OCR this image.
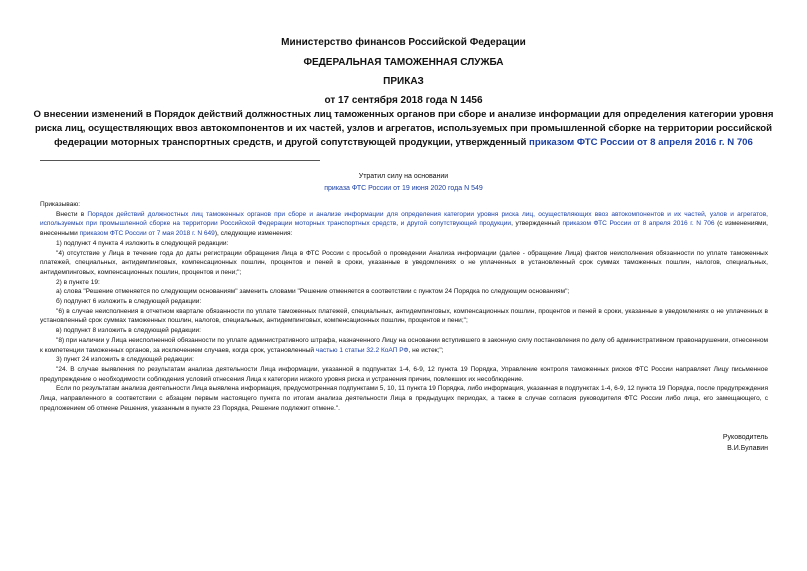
Министерство финансов Российской Федерации

ФЕДЕРАЛЬНАЯ ТАМОЖЕННАЯ СЛУЖБА

ПРИКАЗ

от 17 сентября 2018 года N 1456

О внесении изменений в Порядок действий должностных лиц таможенных органов при сборе и анализе информации для определения категории уровня риска лиц, осуществляющих ввоз автокомпонентов и их частей, узлов и агрегатов, используемых при промышленной сборке на территории российской федерации моторных транспортных средств, и другой сопутствующей продукции, утвержденный приказом ФТС России от 8 апреля 2016 г. N 706

Утратил силу на основании
приказа ФТС России от 19 июня 2020 года N 549

Приказываю:

Внести в Порядок действий должностных лиц таможенных органов при сборе и анализе информации для определения категории уровня риска лиц, осуществляющих ввоз автокомпонентов и их частей, узлов и агрегатов, используемых при промышленной сборке на территории Российской Федерации моторных транспортных средств, и другой сопутствующей продукции, утвержденный приказом ФТС России от 8 апреля 2016 г. N 706 (с изменениями, внесенными приказом ФТС России от 7 мая 2018 г. N 649), следующие изменения:

1) подпункт 4 пункта 4 изложить в следующей редакции:

"4) отсутствие у Лица в течение года до даты регистрации обращения Лица в ФТС России с просьбой о проведении Анализа информации (далее - обращение Лица) фактов неисполнения обязанности по уплате таможенных платежей, специальных, антидемпинговых, компенсационных пошлин, процентов и пеней в сроки, указанные в уведомлениях о не уплаченных в установленный срок суммах таможенных пошлин, налогов, специальных, антидемпинговых, компенсационных пошлин, процентов и пени;";

2) в пункте 19:

а) слова "Решение отменяется по следующим основаниям" заменить словами "Решение отменяется в соответствии с пунктом 24 Порядка по следующим основаниям";

б) подпункт 6 изложить в следующей редакции:

"6) в случае неисполнения в отчетном квартале обязанности по уплате таможенных платежей, специальных, антидемпинговых, компенсационных пошлин, процентов и пеней в сроки, указанные в уведомлениях о не уплаченных в установленный срок суммах таможенных пошлин, налогов, специальных, антидемпинговых, компенсационных пошлин, процентов и пени;";

в) подпункт 8 изложить в следующей редакции:

"8) при наличии у Лица неисполненной обязанности по уплате административного штрафа, назначенного Лицу на основании вступившего в законную силу постановления по делу об административном правонарушении, отнесенном к компетенции таможенных органов, за исключением случаев, когда срок, установленный частью 1 статьи 32.2 КоАП РФ, не истек;";

3) пункт 24 изложить в следующей редакции:

"24. В случае выявления по результатам анализа деятельности Лица информации, указанной в подпунктах 1-4, 6-9, 12 пункта 19 Порядка, Управление контроля таможенных рисков ФТС России направляет Лицу письменное предупреждение о необходимости соблюдения условий отнесения Лица к категории низкого уровня риска и устранения причин, повлекших их несоблюдение.

Если по результатам анализа деятельности Лица выявлена информация, предусмотренная подпунктами 5, 10, 11 пункта 19 Порядка, либо информация, указанная в подпунктах 1-4, 6-9, 12 пункта 19 Порядка, после предупреждения Лица, направленного в соответствии с абзацем первым настоящего пункта по итогам анализа деятельности Лица в предыдущих периодах, а также в случае согласия руководителя ФТС России либо лица, его замещающего, с предложением об отмене Решения, указанным в пункте 23 Порядка, Решение подлежит отмене.".

Руководитель
В.И.Булавин
